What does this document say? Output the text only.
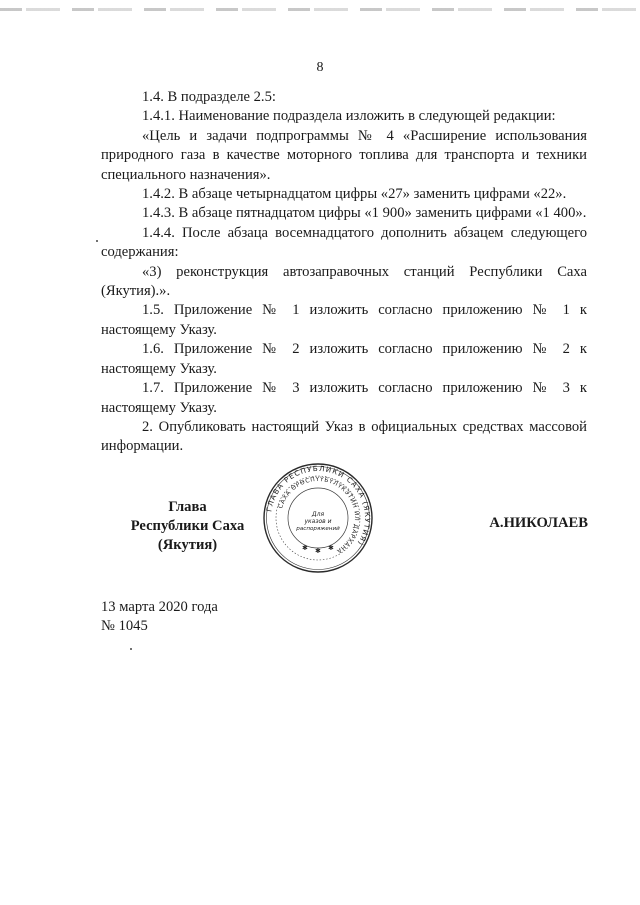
8

1.4. В подразделе 2.5:

1.4.1. Наименование подраздела изложить в следующей редакции:

«Цель и задачи подпрограммы № 4 «Расширение использования природного газа в качестве моторного топлива для транспорта и техники специального назначения».

1.4.2. В абзаце четырнадцатом цифры «27» заменить цифрами «22».

1.4.3. В абзаце пятнадцатом цифры «1 900» заменить цифрами «1 400».

1.4.4. После абзаца восемнадцатого дополнить абзацем следующего содержания:

«3) реконструкция автозаправочных станций Республики Саха (Якутия).».

1.5. Приложение № 1 изложить согласно приложению № 1 к настоящему Указу.

1.6. Приложение № 2 изложить согласно приложению № 2 к настоящему Указу.

1.7. Приложение № 3 изложить согласно приложению № 3 к настоящему Указу.

2. Опубликовать настоящий Указ в официальных средствах массовой информации.

Глава
Республики Саха (Якутия)
ГЛАВА РЕСПУБЛИКИ САХА (ЯКУТИЯ)
САХА ӨРӨСПҮҮБҮЛҮКЭТИН ИЛ ДАРХАНА
Для
указов и
распоряжений
✱ ✱ ✱
А.НИКОЛАЕВ
13 марта 2020 года
№ 1045
